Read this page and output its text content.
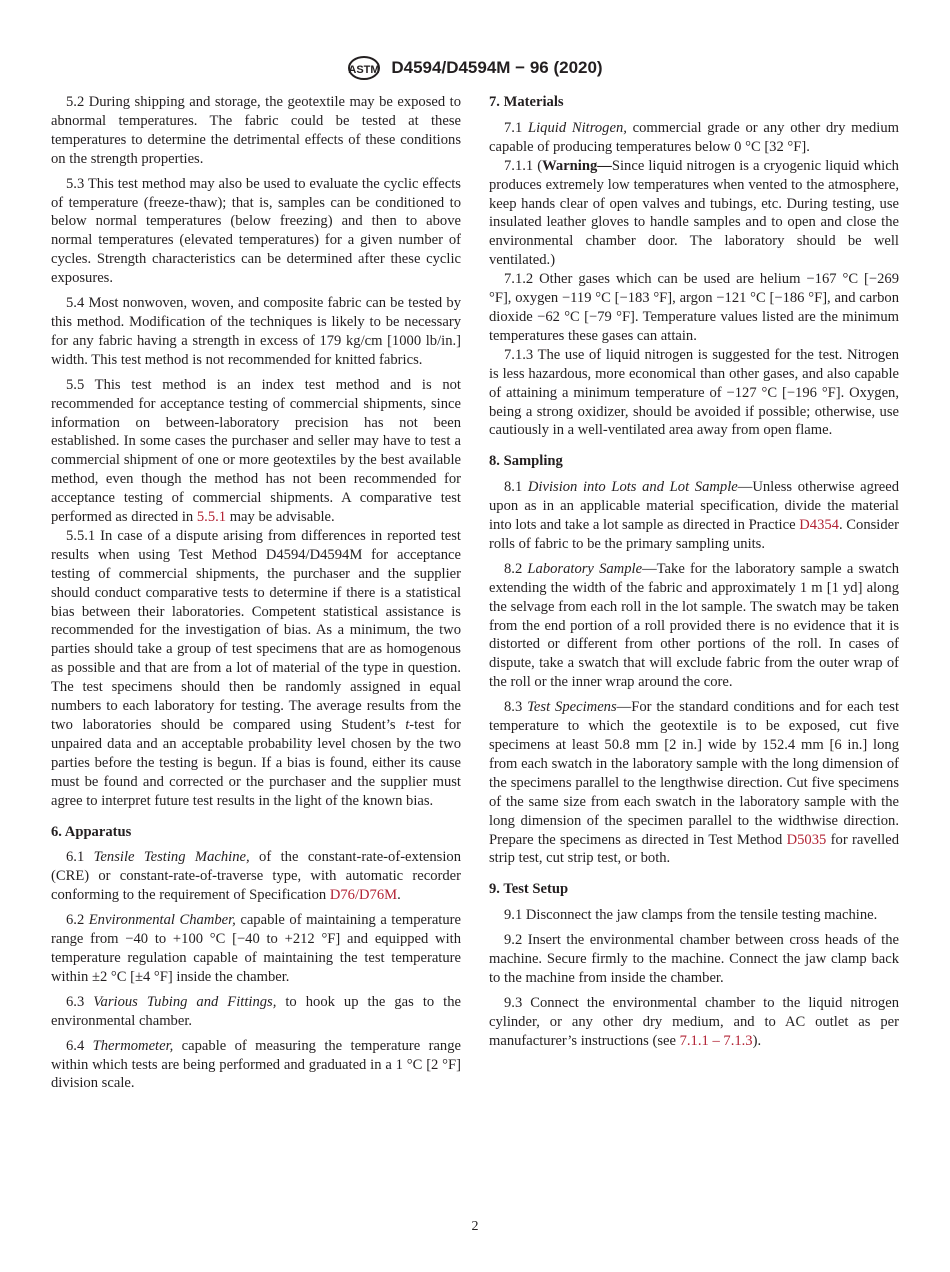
ASTM D4594/D4594M − 96 (2020)

5.2 During shipping and storage, the geotextile may be exposed to abnormal temperatures. The fabric could be tested at these temperatures to determine the detrimental effects of these conditions on the strength properties.

5.3 This test method may also be used to evaluate the cyclic effects of temperature (freeze-thaw); that is, samples can be conditioned to below normal temperatures (below freezing) and then to above normal temperatures (elevated temperatures) for a given number of cycles. Strength characteristics can be determined after these cyclic exposures.

5.4 Most nonwoven, woven, and composite fabric can be tested by this method. Modification of the techniques is likely to be necessary for any fabric having a strength in excess of 179 kg/cm [1000 lb/in.] width. This test method is not recommended for knitted fabrics.

5.5 This test method is an index test method and is not recommended for acceptance testing of commercial shipments, since information on between-laboratory precision has not been established. In some cases the purchaser and seller may have to test a commercial shipment of one or more geotextiles by the best available method, even though the method has not been recommended for acceptance testing of commercial shipments. A comparative test performed as directed in 5.5.1 may be advisable.

5.5.1 In case of a dispute arising from differences in reported test results when using Test Method D4594/D4594M for acceptance testing of commercial shipments, the purchaser and the supplier should conduct comparative tests to determine if there is a statistical bias between their laboratories. Competent statistical assistance is recommended for the investigation of bias. As a minimum, the two parties should take a group of test specimens that are as homogenous as possible and that are from a lot of material of the type in question. The test specimens should then be randomly assigned in equal numbers to each laboratory for testing. The average results from the two laboratories should be compared using Student’s t-test for unpaired data and an acceptable probability level chosen by the two parties before the testing is begun. If a bias is found, either its cause must be found and corrected or the purchaser and the supplier must agree to interpret future test results in the light of the known bias.

6. Apparatus

6.1 Tensile Testing Machine, of the constant-rate-of-extension (CRE) or constant-rate-of-traverse type, with automatic recorder conforming to the requirement of Specification D76/D76M.

6.2 Environmental Chamber, capable of maintaining a temperature range from −40 to +100 °C [−40 to +212 °F] and equipped with temperature regulation capable of maintaining the test temperature within ±2 °C [±4 °F] inside the chamber.

6.3 Various Tubing and Fittings, to hook up the gas to the environmental chamber.

6.4 Thermometer, capable of measuring the temperature range within which tests are being performed and graduated in a 1 °C [2 °F] division scale.

7. Materials

7.1 Liquid Nitrogen, commercial grade or any other dry medium capable of producing temperatures below 0 °C [32 °F].

7.1.1 (Warning—Since liquid nitrogen is a cryogenic liquid which produces extremely low temperatures when vented to the atmosphere, keep hands clear of open valves and tubings, etc. During testing, use insulated leather gloves to handle samples and to open and close the environmental chamber door. The laboratory should be well ventilated.)

7.1.2 Other gases which can be used are helium −167 °C [−269 °F], oxygen −119 °C [−183 °F], argon −121 °C [−186 °F], and carbon dioxide −62 °C [−79 °F]. Temperature values listed are the minimum temperatures these gases can attain.

7.1.3 The use of liquid nitrogen is suggested for the test. Nitrogen is less hazardous, more economical than other gases, and also capable of attaining a minimum temperature of −127 °C [−196 °F]. Oxygen, being a strong oxidizer, should be avoided if possible; otherwise, use cautiously in a well-ventilated area away from open flame.

8. Sampling

8.1 Division into Lots and Lot Sample—Unless otherwise agreed upon as in an applicable material specification, divide the material into lots and take a lot sample as directed in Practice D4354. Consider rolls of fabric to be the primary sampling units.

8.2 Laboratory Sample—Take for the laboratory sample a swatch extending the width of the fabric and approximately 1 m [1 yd] along the selvage from each roll in the lot sample. The swatch may be taken from the end portion of a roll provided there is no evidence that it is distorted or different from other portions of the roll. In cases of dispute, take a swatch that will exclude fabric from the outer wrap of the roll or the inner wrap around the core.

8.3 Test Specimens—For the standard conditions and for each test temperature to which the geotextile is to be exposed, cut five specimens at least 50.8 mm [2 in.] wide by 152.4 mm [6 in.] long from each swatch in the laboratory sample with the long dimension of the specimens parallel to the lengthwise direction. Cut five specimens of the same size from each swatch in the laboratory sample with the long dimension of the specimen parallel to the widthwise direction. Prepare the specimens as directed in Test Method D5035 for ravelled strip test, cut strip test, or both.

9. Test Setup

9.1 Disconnect the jaw clamps from the tensile testing machine.

9.2 Insert the environmental chamber between cross heads of the machine. Secure firmly to the machine. Connect the jaw clamp back to the machine from inside the chamber.

9.3 Connect the environmental chamber to the liquid nitrogen cylinder, or any other dry medium, and to AC outlet as per manufacturer’s instructions (see 7.1.1 – 7.1.3).

2
